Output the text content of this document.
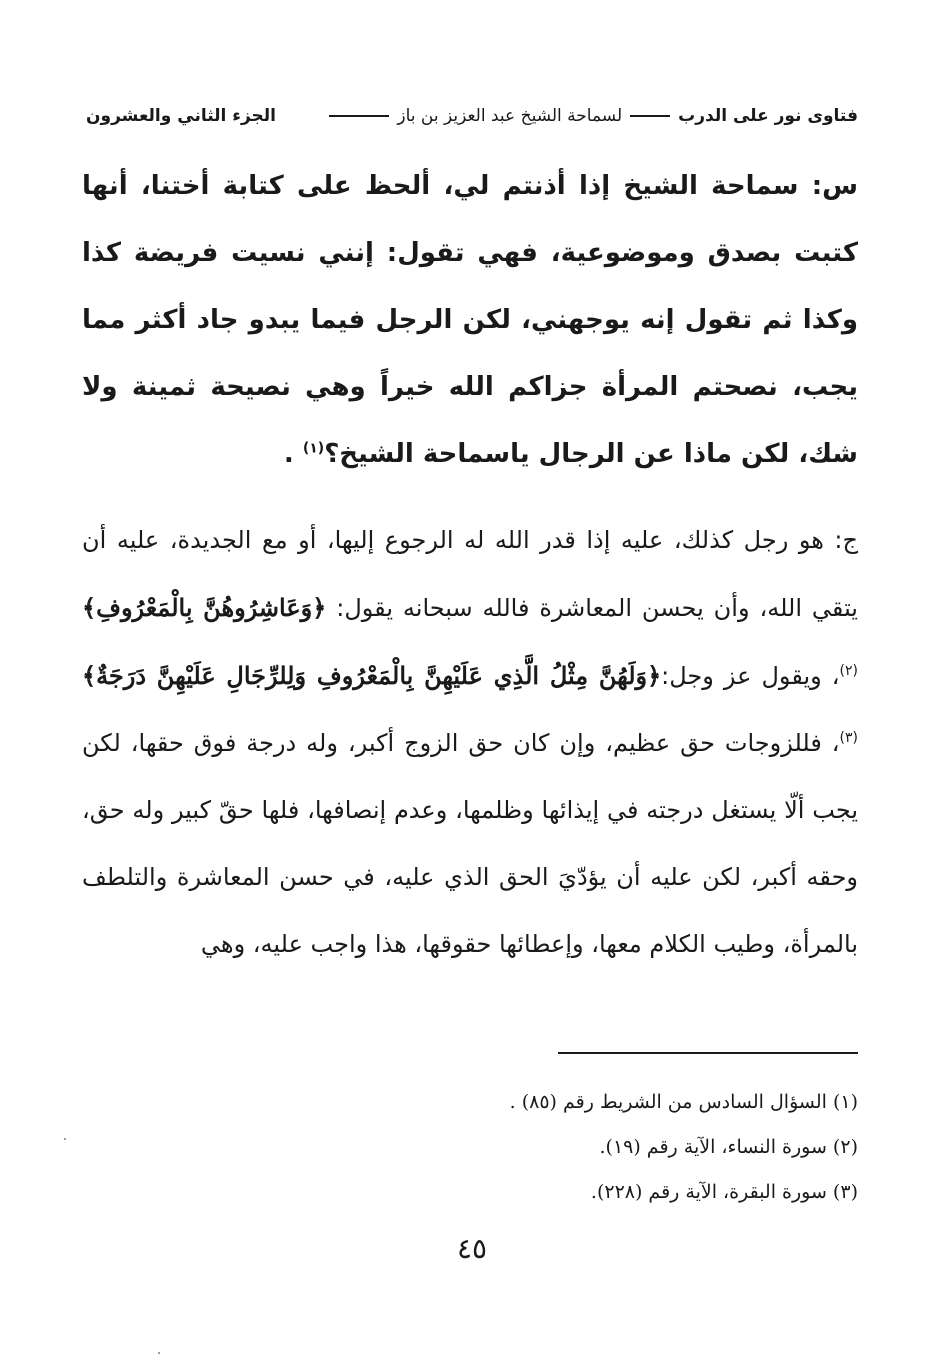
فتاوى نور على الدرب
لسماحة الشيخ عبد العزيز بن باز
الجزء الثاني والعشرون
س: سماحة الشيخ إذا أذنتم لي، ألحظ على كتابة أختنا، أنها كتبت بصدق وموضوعية، فهي تقول: إنني نسيت فريضة كذا وكذا ثم تقول إنه يوجهني، لكن الرجل فيما يبدو جاد أكثر مما يجب، نصحتم المرأة جزاكم الله خيراً وهي نصيحة ثمينة ولا شك، لكن ماذا عن الرجال ياسماحة الشيخ؟$^{(١)}$ .
ج: هو رجل كذلك، عليه إذا قدر الله له الرجوع إليها، أو مع الجديدة، عليه أن يتقي الله، وأن يحسن المعاشرة فالله سبحانه يقول: ﴿وَعَاشِرُوهُنَّ بِالْمَعْرُوفِ﴾$^{(٢)}$، ويقول عز وجل:﴿وَلَهُنَّ مِثْلُ الَّذِي عَلَيْهِنَّ بِالْمَعْرُوفِ وَلِلرِّجَالِ عَلَيْهِنَّ دَرَجَةٌ﴾$^{(٣)}$، فللزوجات حق عظيم، وإن كان حق الزوج أكبر، وله درجة فوق حقها، لكن يجب ألّا يستغل درجته في إيذائها وظلمها، وعدم إنصافها، فلها حقّ كبير وله حق، وحقه أكبر، لكن عليه أن يؤدّيَ الحق الذي عليه، في حسن المعاشرة والتلطف بالمرأة، وطيب الكلام معها، وإعطائها حقوقها، هذا واجب عليه، وهي
(١) السؤال السادس من الشريط رقم (٨٥) .
(٢) سورة النساء، الآية رقم (١٩).
(٣) سورة البقرة، الآية رقم (٢٢٨).
٤٥
